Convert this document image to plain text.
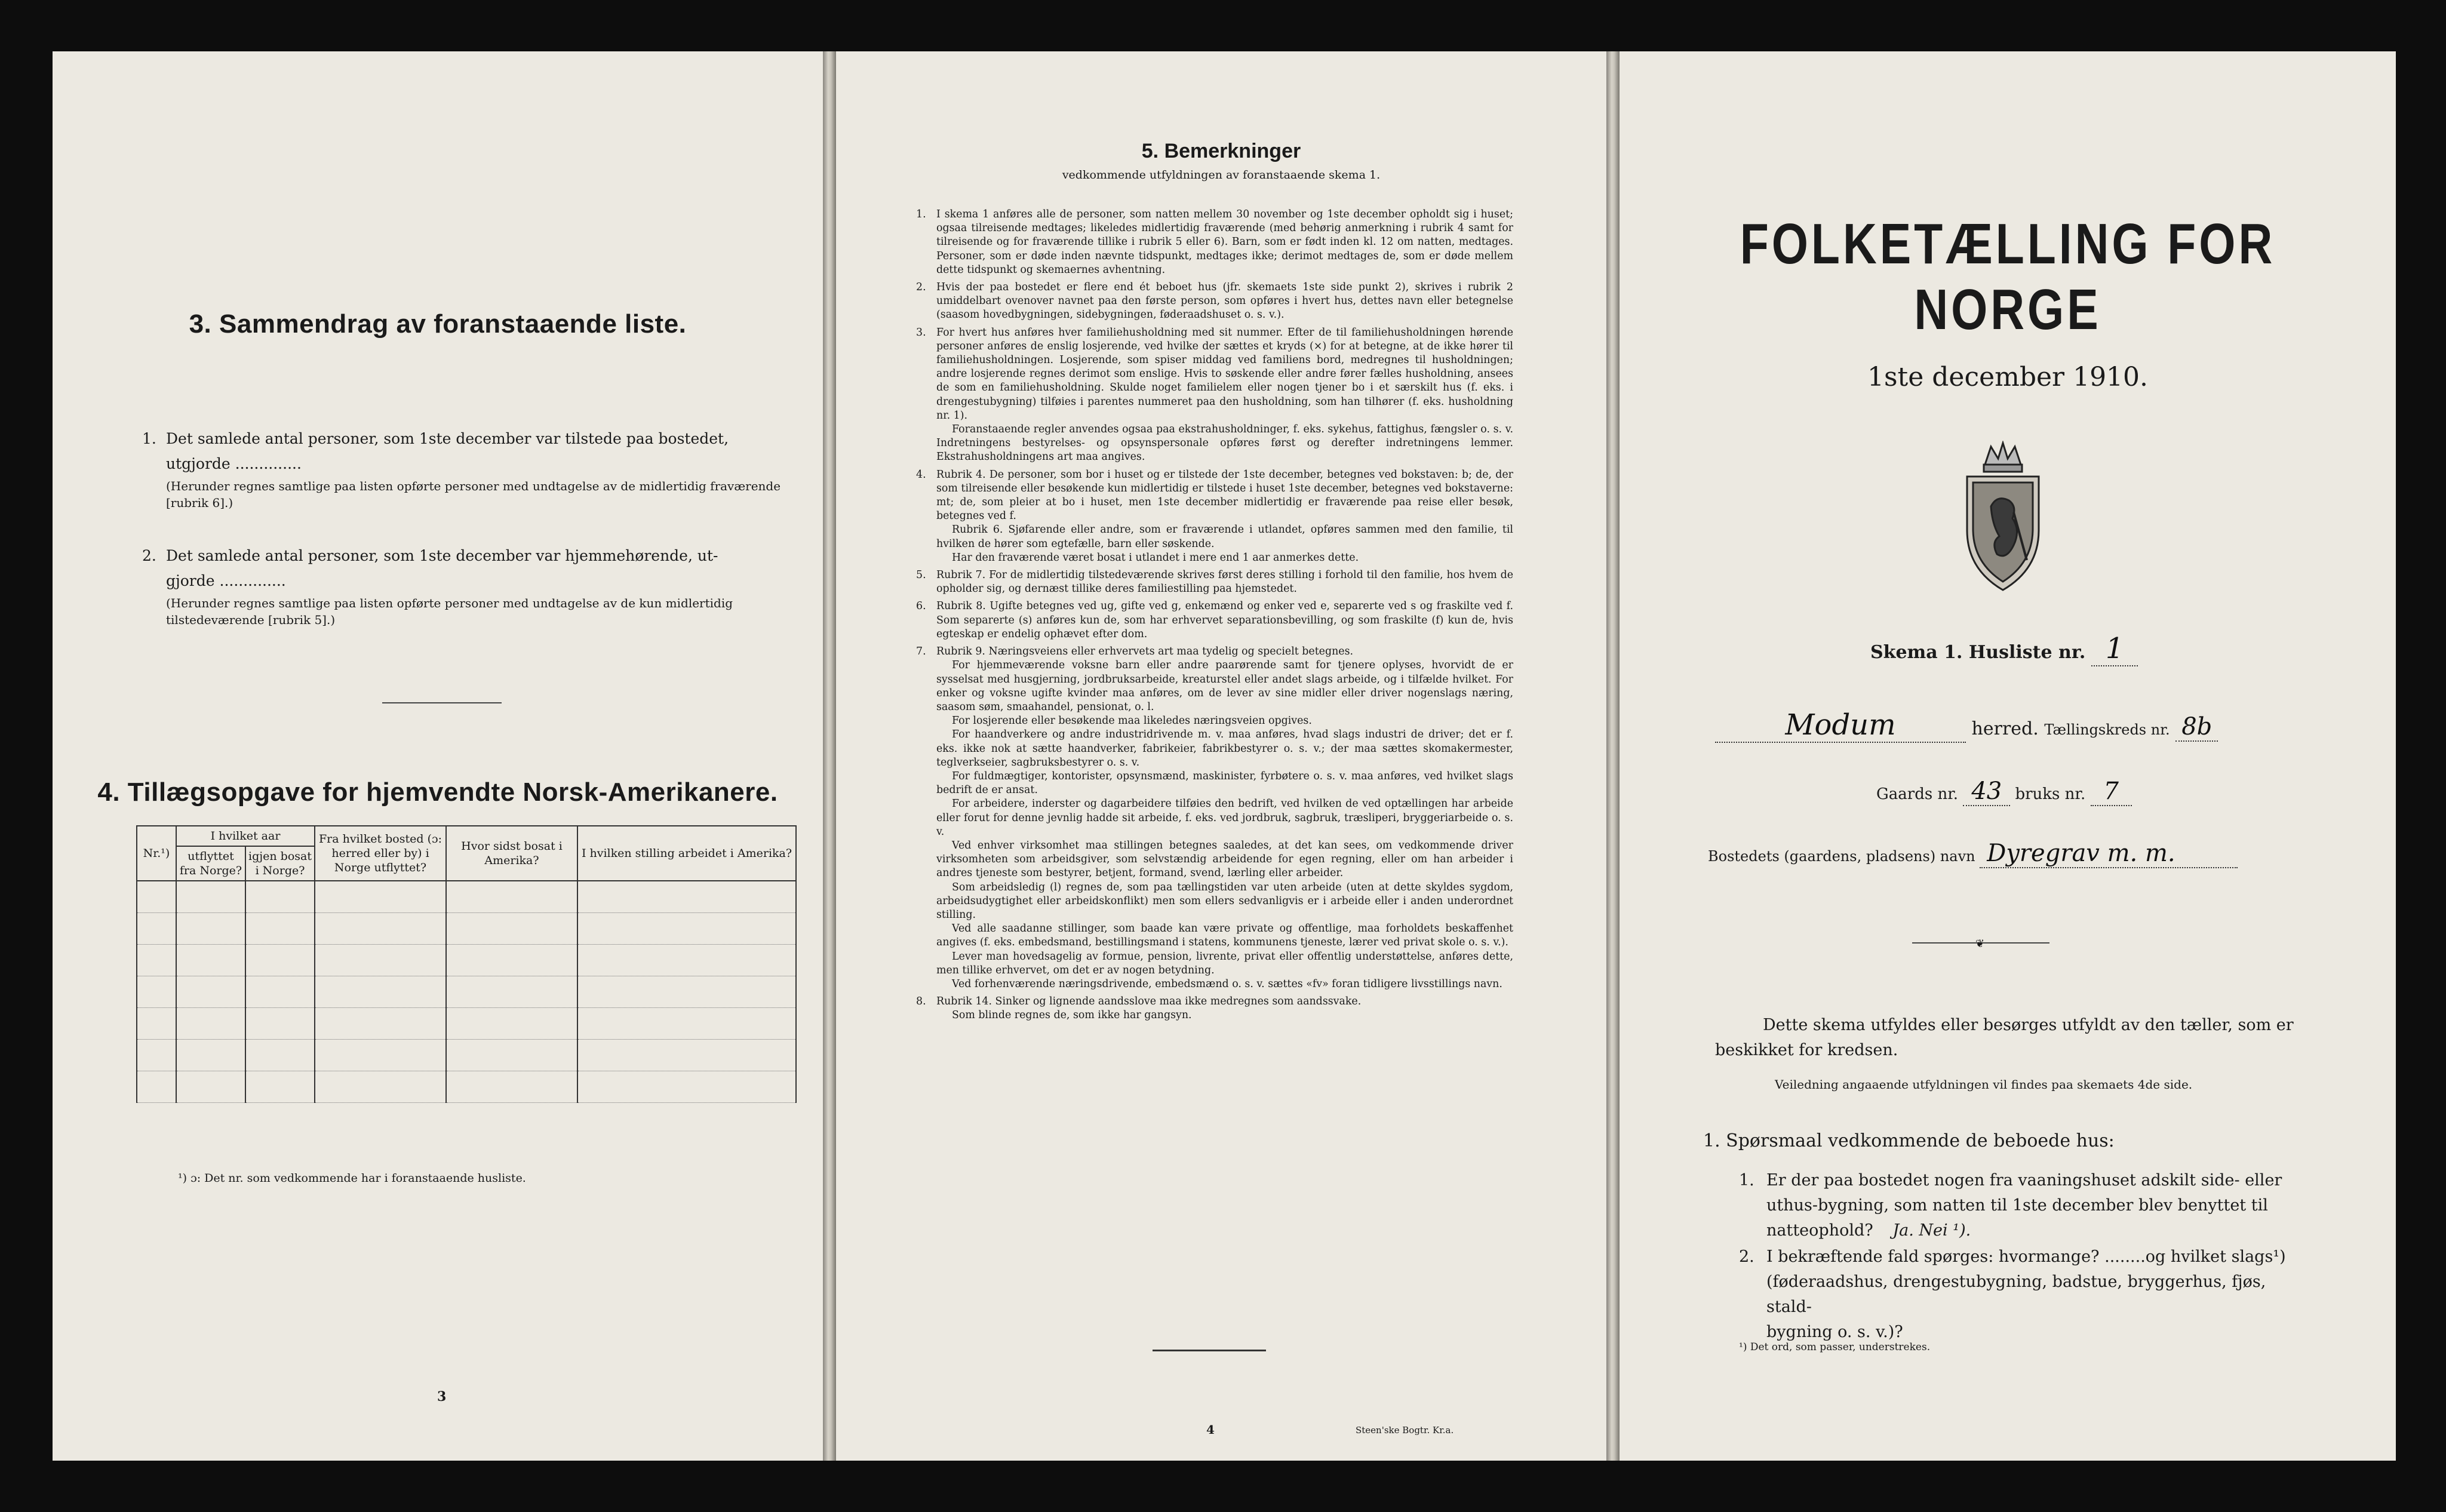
3. Sammendrag av foranstaaende liste.
1. Det samlede antal personer, som 1ste december var tilstede paa bostedet,
utgjorde ..............
(Herunder regnes samtlige paa listen opførte personer med undtagelse av de midlertidig fraværende [rubrik 6].)
2. Det samlede antal personer, som 1ste december var hjemmehørende, ut-
gjorde ..............
(Herunder regnes samtlige paa listen opførte personer med undtagelse av de kun midlertidig tilstedeværende [rubrik 5].)
4. Tillægsopgave for hjemvendte Norsk-Amerikanere.
Nr.¹)	I hvilket aar		Fra hvilket bosted (ɔ: herred eller by) i Norge utflyttet?	Hvor sidst bosat i Amerika?	I hvilken stilling arbeidet i Amerika?
	utflyttet fra Norge?	igjen bosat i Norge?			

¹) ɔ: Det nr. som vedkommende har i foranstaaende husliste.
3
5. Bemerkninger
vedkommende utfyldningen av foranstaaende skema 1.
1. I skema 1 anføres alle de personer, som natten mellem 30 november og 1ste december opholdt sig i huset; ogsaa tilreisende medtages; likeledes midlertidig fraværende (med behørig anmerkning i rubrik 4 samt for tilreisende og for fraværende tillike i rubrik 5 eller 6). Barn, som er født inden kl. 12 om natten, medtages. Personer, som er døde inden nævnte tidspunkt, medtages ikke; derimot medtages de, som er døde mellem dette tidspunkt og skemaernes avhentning.

2. Hvis der paa bostedet er flere end ét beboet hus (jfr. skemaets 1ste side punkt 2), skrives i rubrik 2 umiddelbart ovenover navnet paa den første person, som opføres i hvert hus, dettes navn eller betegnelse (saasom hovedbygningen, sidebygningen, føderaadshuset o. s. v.).

3. For hvert hus anføres hver familiehusholdning med sit nummer. Efter de til familiehusholdningen hørende personer anføres de enslig losjerende, ved hvilke der sættes et kryds (×) for at betegne, at de ikke hører til familiehusholdningen. Losjerende, som spiser middag ved familiens bord, medregnes til husholdningen; andre losjerende regnes derimot som enslige. Hvis to søskende eller andre fører fælles husholdning, ansees de som en familiehusholdning. Skulde noget familielem eller nogen tjener bo i et særskilt hus (f. eks. i drengestubygning) tilføies i parentes nummeret paa den husholdning, som han tilhører (f. eks. husholdning nr. 1).

Foranstaaende regler anvendes ogsaa paa ekstrahusholdninger, f. eks. sykehus, fattighus, fængsler o. s. v. Indretningens bestyrelses- og opsynspersonale opføres først og derefter indretningens lemmer. Ekstrahusholdningens art maa angives.

4. Rubrik 4. De personer, som bor i huset og er tilstede der 1ste december, betegnes ved bokstaven: b; de, der som tilreisende eller besøkende kun midlertidig er tilstede i huset 1ste december, betegnes ved bokstaverne: mt; de, som pleier at bo i huset, men 1ste december midlertidig er fraværende paa reise eller besøk, betegnes ved f.

Rubrik 6. Sjøfarende eller andre, som er fraværende i utlandet, opføres sammen med den familie, til hvilken de hører som egtefælle, barn eller søskende.

Har den fraværende været bosat i utlandet i mere end 1 aar anmerkes dette.

5. Rubrik 7. For de midlertidig tilstedeværende skrives først deres stilling i forhold til den familie, hos hvem de opholder sig, og dernæst tillike deres familiestilling paa hjemstedet.

6. Rubrik 8. Ugifte betegnes ved ug, gifte ved g, enkemænd og enker ved e, separerte ved s og fraskilte ved f. Som separerte (s) anføres kun de, som har erhvervet separationsbevilling, og som fraskilte (f) kun de, hvis egteskap er endelig ophævet efter dom.

7. Rubrik 9. Næringsveiens eller erhvervets art maa tydelig og specielt betegnes.

For hjemmeværende voksne barn eller andre paarørende samt for tjenere oplyses, hvorvidt de er sysselsat med husgjerning, jordbruksarbeide, kreaturstel eller andet slags arbeide, og i tilfælde hvilket. For enker og voksne ugifte kvinder maa anføres, om de lever av sine midler eller driver nogenslags næring, saasom søm, smaahandel, pensionat, o. l.

For losjerende eller besøkende maa likeledes næringsveien opgives.

For haandverkere og andre industridrivende m. v. maa anføres, hvad slags industri de driver; det er f. eks. ikke nok at sætte haandverker, fabrikeier, fabrikbestyrer o. s. v.; der maa sættes skomakermester, teglverkseier, sagbruksbestyrer o. s. v.

For fuldmægtiger, kontorister, opsynsmænd, maskinister, fyrbøtere o. s. v. maa anføres, ved hvilket slags bedrift de er ansat.

For arbeidere, inderster og dagarbeidere tilføies den bedrift, ved hvilken de ved optællingen har arbeide eller forut for denne jevnlig hadde sit arbeide, f. eks. ved jordbruk, sagbruk, træsliperi, bryggeriarbeide o. s. v.

Ved enhver virksomhet maa stillingen betegnes saaledes, at det kan sees, om vedkommende driver virksomheten som arbeidsgiver, som selvstændig arbeidende for egen regning, eller om han arbeider i andres tjeneste som bestyrer, betjent, formand, svend, lærling eller arbeider.

Som arbeidsledig (l) regnes de, som paa tællingstiden var uten arbeide (uten at dette skyldes sygdom, arbeidsudygtighet eller arbeidskonflikt) men som ellers sedvanligvis er i arbeide eller i anden underordnet stilling.

Ved alle saadanne stillinger, som baade kan være private og offentlige, maa forholdets beskaffenhet angives (f. eks. embedsmand, bestillingsmand i statens, kommunens tjeneste, lærer ved privat skole o. s. v.).

Lever man hovedsagelig av formue, pension, livrente, privat eller offentlig understøttelse, anføres dette, men tillike erhvervet, om det er av nogen betydning.

Ved forhenværende næringsdrivende, embedsmænd o. s. v. sættes «fv» foran tidligere livsstillings navn.

8. Rubrik 14. Sinker og lignende aandsslove maa ikke medregnes som aandssvake.

Som blinde regnes de, som ikke har gangsyn.

4	Steen'ske Bogtr. Kr.a.
FOLKETÆLLING FOR NORGE
1ste december 1910.
Skema 1. Husliste nr. 1
Modum	herred. Tællingskreds nr. 8b
Gaards nr. 43 bruks nr. 7
Bostedets (gaardens, pladsens) navn Dyregrav m. m.
❦
Dette skema utfyldes eller besørges utfyldt av den tæller, som er
beskikket for kredsen.
Veiledning angaaende utfyldningen vil findes paa skemaets 4de side.
1. Spørsmaal vedkommende de beboede hus:
1. Er der paa bostedet nogen fra vaaningshuset adskilt side- eller
uthus-bygning, som natten til 1ste december blev benyttet til
natteophold? Ja. Nei ¹).
2. I bekræftende fald spørges: hvormange? ........og hvilket slags¹)
(føderaadshus, drengestubygning, badstue, bryggerhus, fjøs, stald-
bygning o. s. v.)?
¹) Det ord, som passer, understrekes.
